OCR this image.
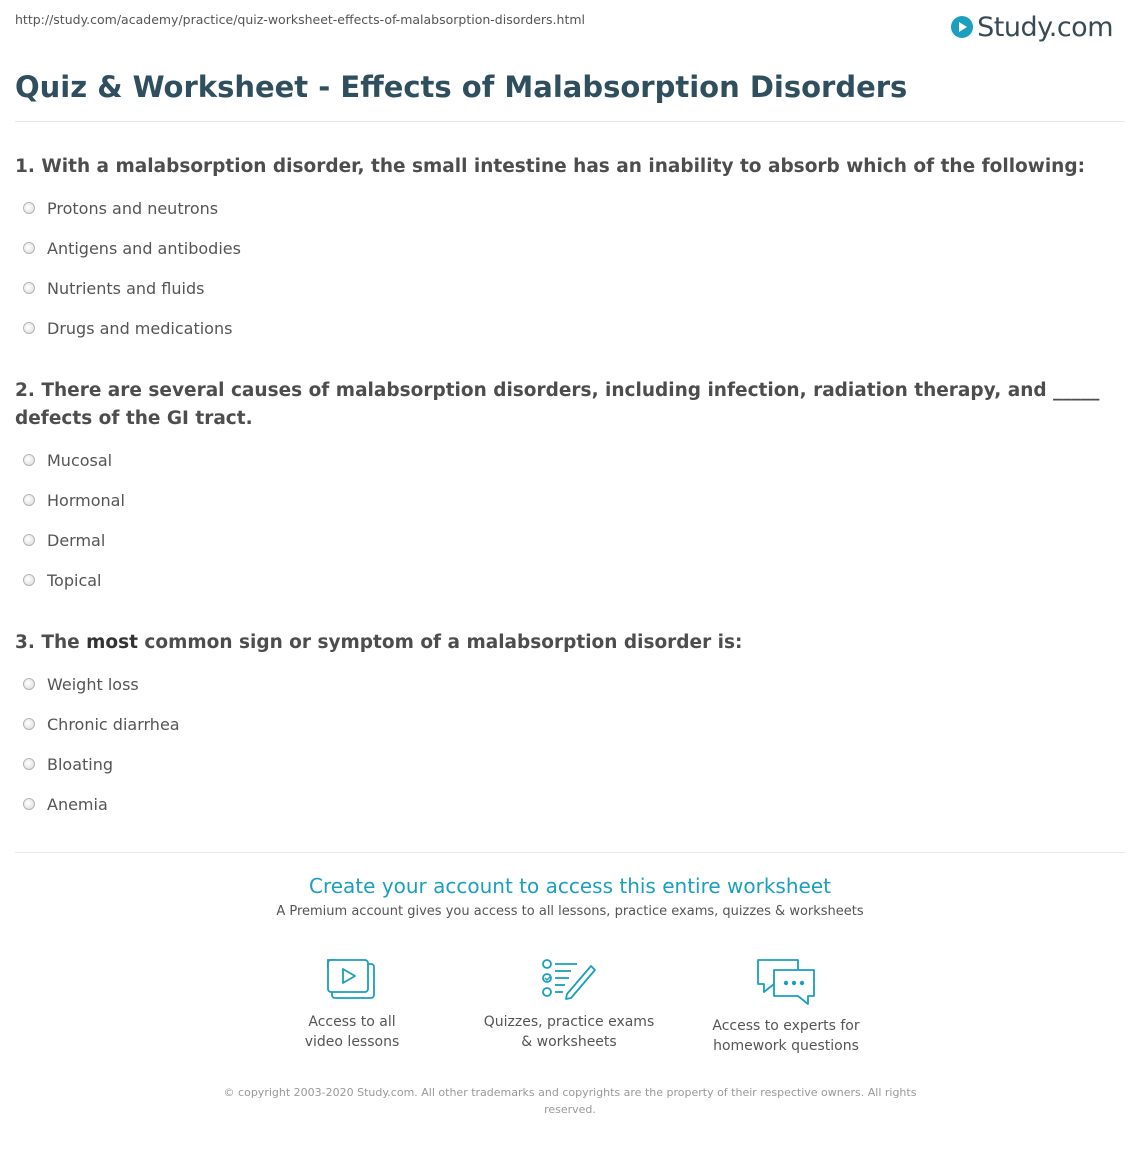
http://study.com/academy/practice/quiz-worksheet-effects-of-malabsorption-disorders.html	Study.com
Quiz & Worksheet - Effects of Malabsorption Disorders
1. With a malabsorption disorder, the small intestine has an inability to absorb which of the following:
Protons and neutrons
Antigens and antibodies
Nutrients and fluids
Drugs and medications
2. There are several causes of malabsorption disorders, including infection, radiation therapy, and _____ defects of the GI tract.
Mucosal
Hormonal
Dermal
Topical
3. The most common sign or symptom of a malabsorption disorder is:
Weight loss
Chronic diarrhea
Bloating
Anemia
Create your account to access this entire worksheet
A Premium account gives you access to all lessons, practice exams, quizzes & worksheets
Access to all
video lessons
Quizzes, practice exams
& worksheets
Access to experts for
homework questions
© copyright 2003-2020 Study.com. All other trademarks and copyrights are the property of their respective owners. All rights reserved.
